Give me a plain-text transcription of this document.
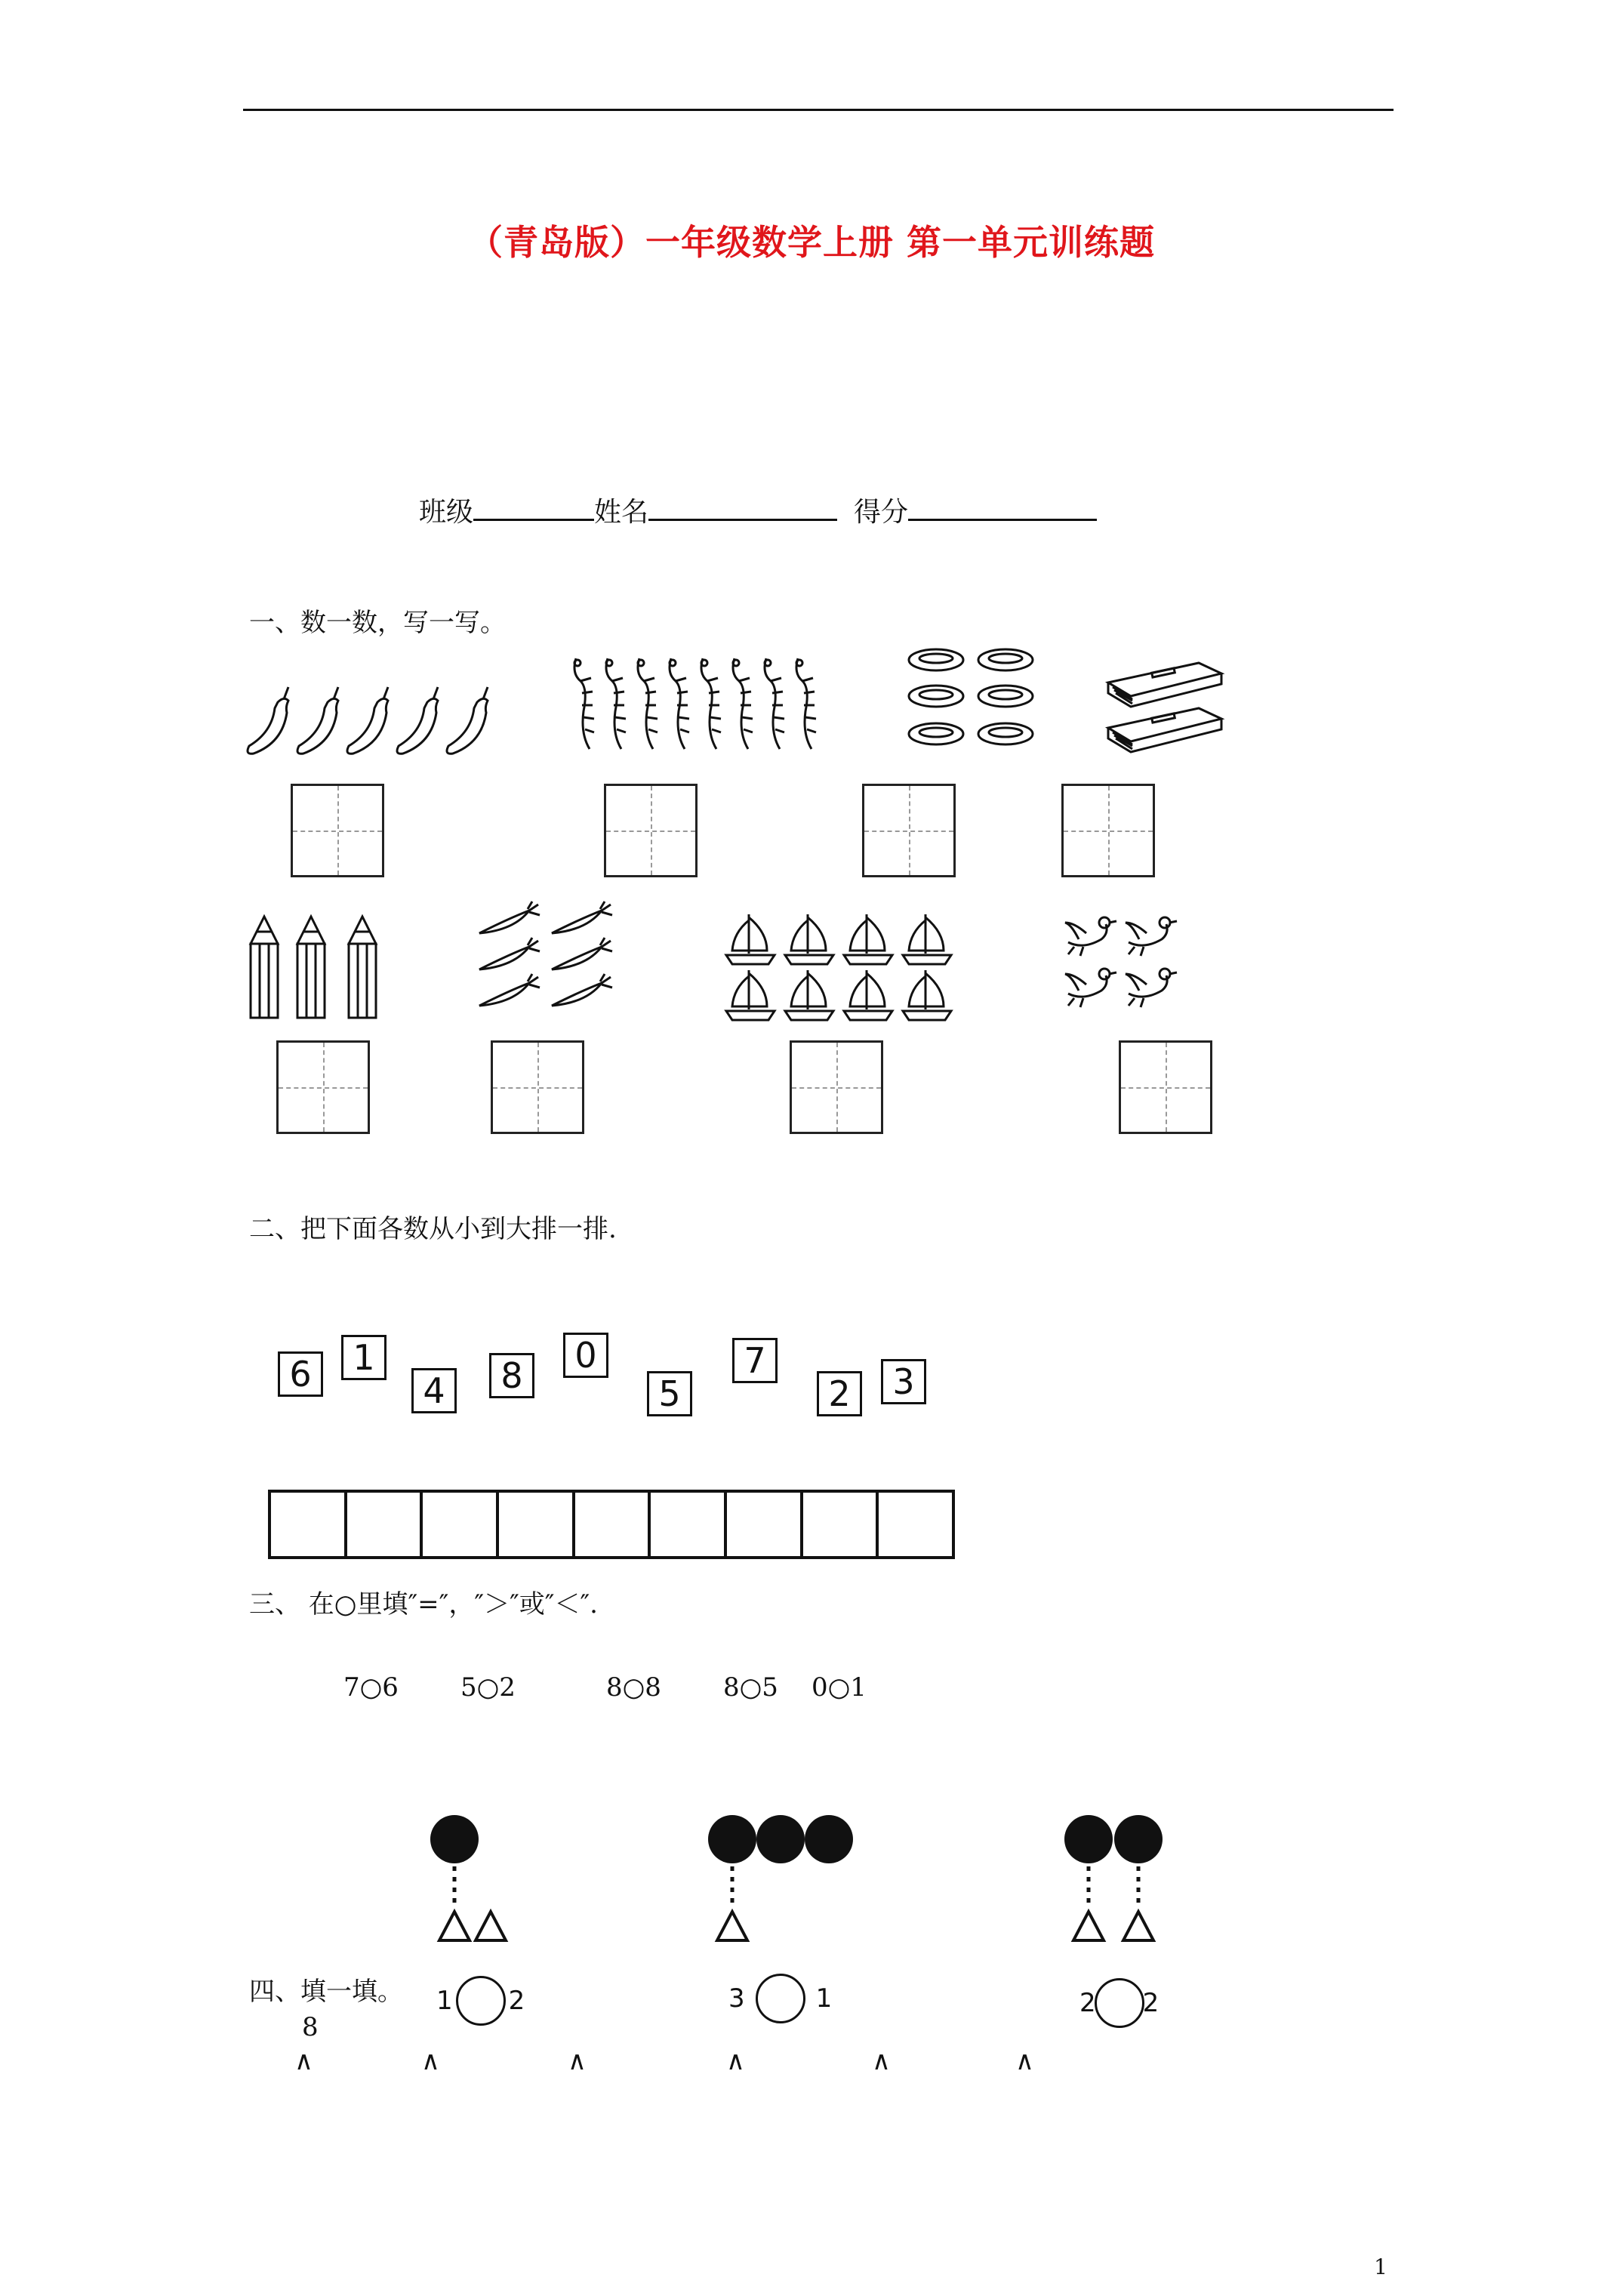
（青岛版）一年级数学上册 第一单元训练题
班级	姓名	得分
一、数一数，写一写。
二、把下面各数从小到大排一排.
6	1
4	8	0
5
7
2	3
三、 在○里填″=″，″＞″或″＜″.
7○6 5○2	8○8 8○5 0○1
四、填一填。 1 2	3	1	2 2
8
∧	∧	∧	∧	∧	∧
1
